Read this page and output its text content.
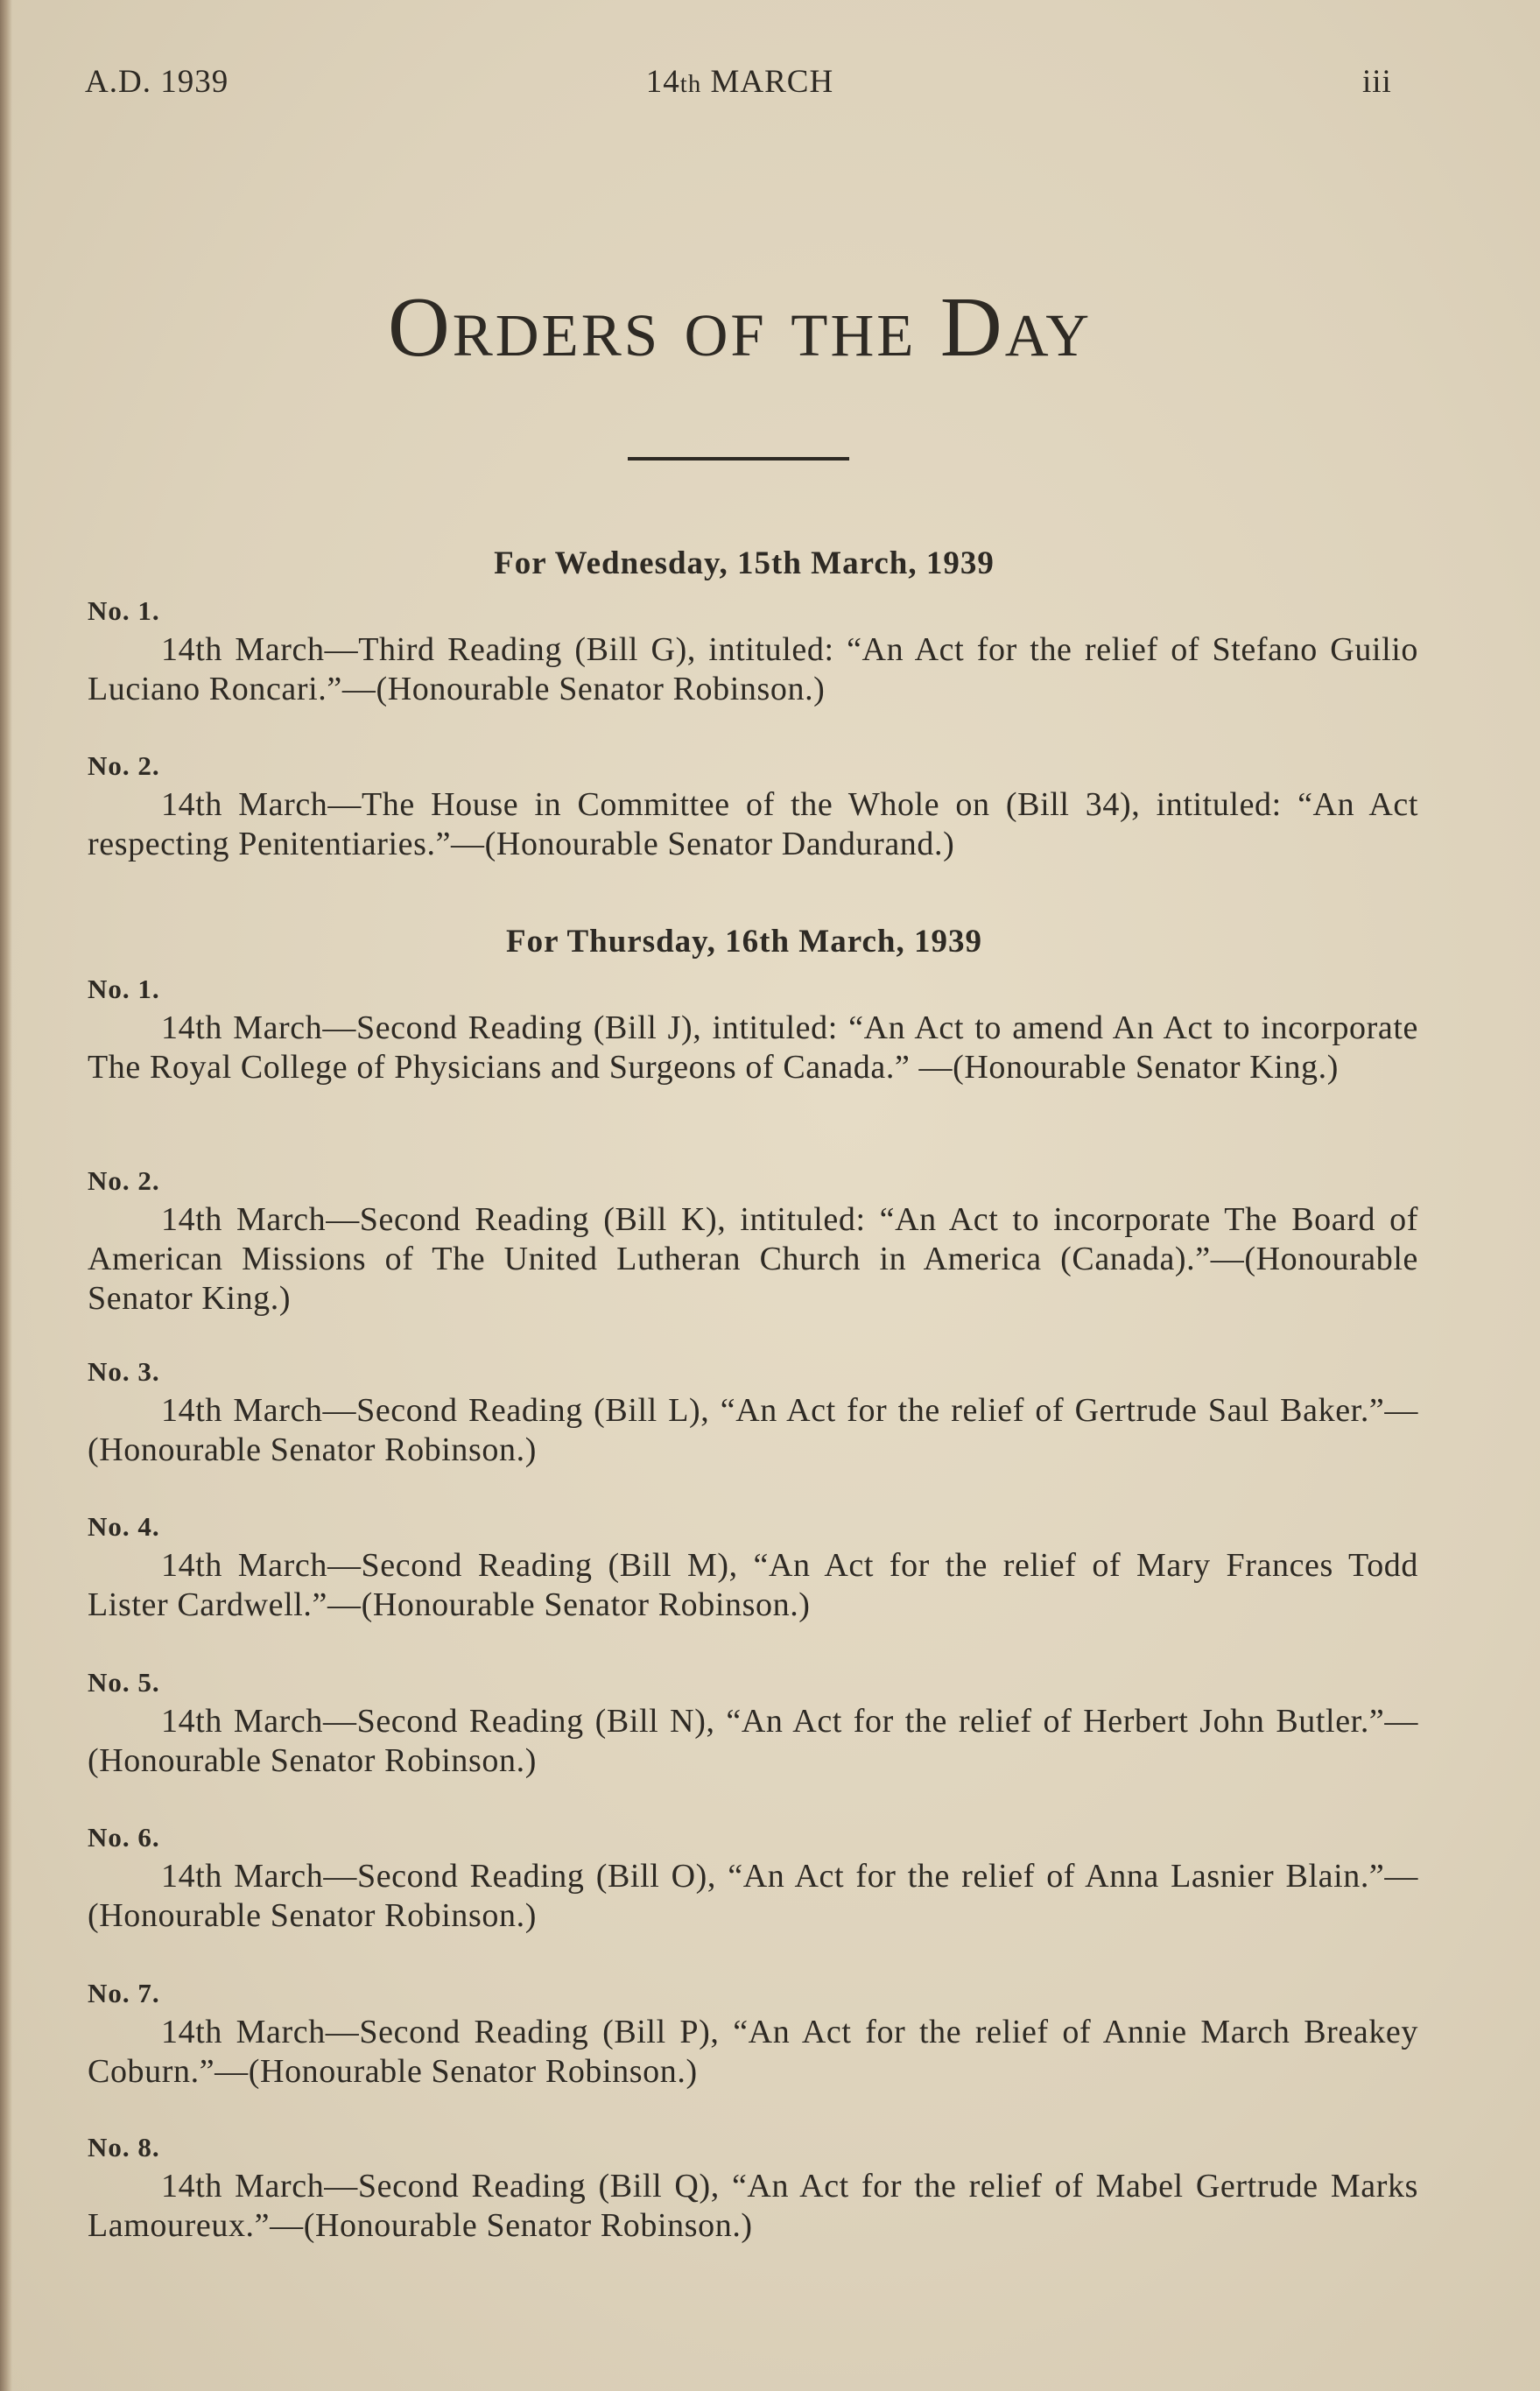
A.D. 1939	14th MARCH	iii
Orders of the Day
For Wednesday, 15th March, 1939
No. 1.

14th March—Third Reading (Bill G), intituled: “An Act for the relief of Stefano Guilio Luciano Roncari.”—(Honourable Senator Robinson.)

No. 2.

14th March—The House in Committee of the Whole on (Bill 34), intituled: “An Act respecting Penitentiaries.”—(Honourable Senator Dandurand.)

For Thursday, 16th March, 1939
No. 1.

14th March—Second Reading (Bill J), intituled: “An Act to amend An Act to incorporate The Royal College of Physicians and Surgeons of Canada.” —(Honourable Senator King.)

No. 2.

14th March—Second Reading (Bill K), intituled: “An Act to incorporate The Board of American Missions of The United Lutheran Church in America (Canada).”—(Honourable Senator King.)

No. 3.

14th March—Second Reading (Bill L), “An Act for the relief of Gertrude Saul Baker.”—(Honourable Senator Robinson.)

No. 4.

14th March—Second Reading (Bill M), “An Act for the relief of Mary Frances Todd Lister Cardwell.”—(Honourable Senator Robinson.)

No. 5.

14th March—Second Reading (Bill N), “An Act for the relief of Herbert John Butler.”—(Honourable Senator Robinson.)

No. 6.

14th March—Second Reading (Bill O), “An Act for the relief of Anna Lasnier Blain.”—(Honourable Senator Robinson.)

No. 7.

14th March—Second Reading (Bill P), “An Act for the relief of Annie March Breakey Coburn.”—(Honourable Senator Robinson.)

No. 8.

14th March—Second Reading (Bill Q), “An Act for the relief of Mabel Gertrude Marks Lamoureux.”—(Honourable Senator Robinson.)
